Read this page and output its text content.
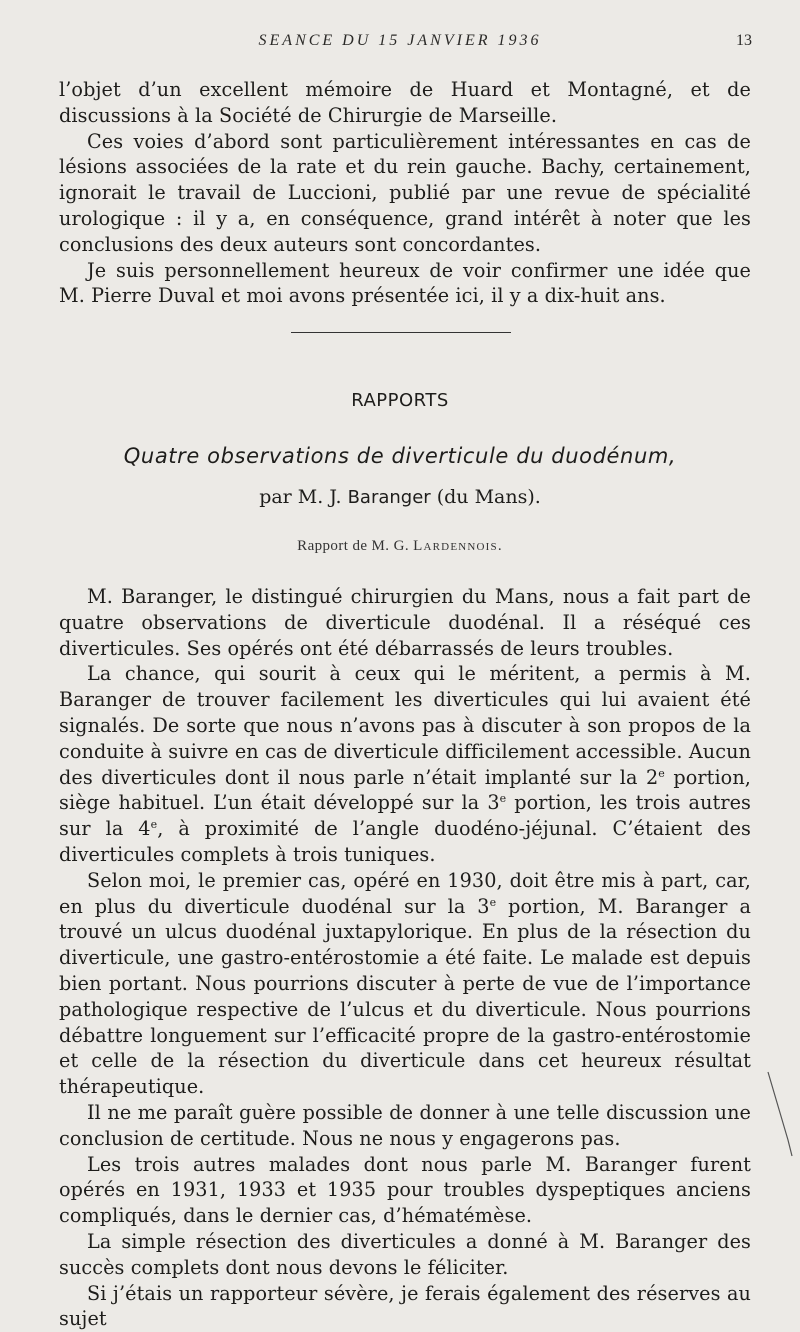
SEANCE DU 15 JANVIER 1936	13

l’objet d’un excellent mémoire de Huard et Montagné, et de discussions à la Société de Chirurgie de Marseille.

Ces voies d’abord sont particulièrement intéressantes en cas de lésions associées de la rate et du rein gauche. Bachy, certainement, ignorait le travail de Luccioni, publié par une revue de spécialité urologique : il y a, en conséquence, grand intérêt à noter que les conclusions des deux auteurs sont concordantes.

Je suis personnellement heureux de voir confirmer une idée que M. Pierre Duval et moi avons présentée ici, il y a dix-huit ans.

RAPPORTS
Quatre observations de diverticule du duodénum,
par M. J. Baranger (du Mans).
Rapport de M. G. Lardennois.

M. Baranger, le distingué chirurgien du Mans, nous a fait part de quatre observations de diverticule duodénal. Il a réséqué ces diverticules. Ses opérés ont été débarrassés de leurs troubles.

La chance, qui sourit à ceux qui le méritent, a permis à M. Baranger de trouver facilement les diverticules qui lui avaient été signalés. De sorte que nous n’avons pas à discuter à son propos de la conduite à suivre en cas de diverticule difficilement accessible. Aucun des diverticules dont il nous parle n’était implanté sur la 2e portion, siège habituel. L’un était développé sur la 3e portion, les trois autres sur la 4e, à proximité de l’angle duodéno-jéjunal. C’étaient des diverticules complets à trois tuniques.

Selon moi, le premier cas, opéré en 1930, doit être mis à part, car, en plus du diverticule duodénal sur la 3e portion, M. Baranger a trouvé un ulcus duodénal juxtapylorique. En plus de la résection du diverticule, une gastro-entérostomie a été faite. Le malade est depuis bien portant. Nous pourrions discuter à perte de vue de l’importance pathologique respective de l’ulcus et du diverticule. Nous pourrions débattre longuement sur l’efficacité propre de la gastro-entérostomie et celle de la résection du diverticule dans cet heureux résultat thérapeutique.

Il ne me paraît guère possible de donner à une telle discussion une conclusion de certitude. Nous ne nous y engagerons pas.

Les trois autres malades dont nous parle M. Baranger furent opérés en 1931, 1933 et 1935 pour troubles dyspeptiques anciens compliqués, dans le dernier cas, d’hématémèse.

La simple résection des diverticules a donné à M. Baranger des succès complets dont nous devons le féliciter.

Si j’étais un rapporteur sévère, je ferais également des réserves au sujet
